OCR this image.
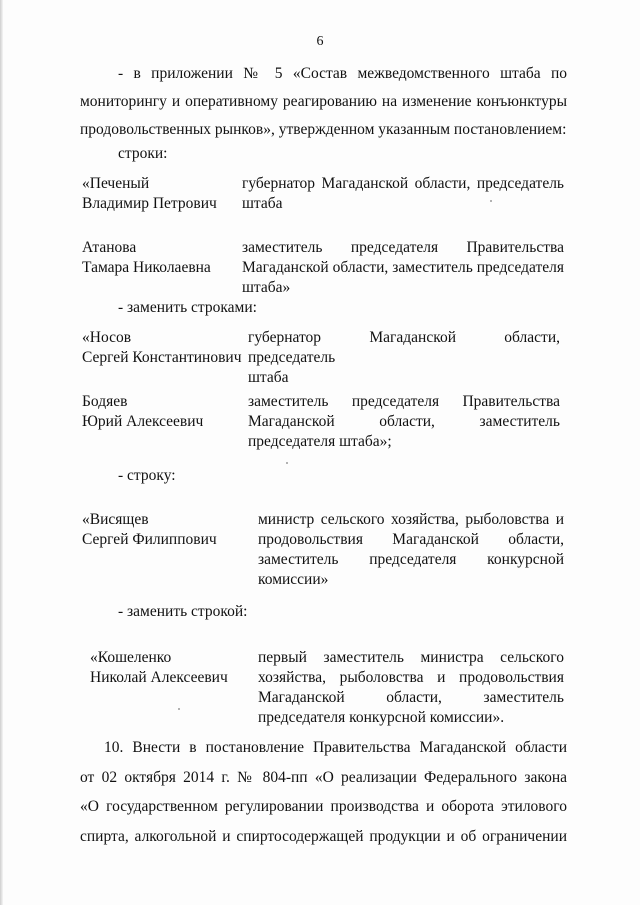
6
- в приложении № 5 «Состав межведомственного штаба по
мониторингу и оперативному реагированию на изменение конъюнктуры
продовольственных рынков», утвержденном указанным постановлением:
строки:
«Печеный
Владимир Петрович
губернатор Магаданской области, председатель
штаба
Атанова
Тамара Николаевна
заместитель председателя Правительства
Магаданской области, заместитель председателя
штаба»
- заменить строками:
«Носов
Сергей Константинович
губернатор Магаданской области, председатель
штаба
Бодяев
Юрий Алексеевич
заместитель председателя Правительства
Магаданской области, заместитель
председателя штаба»;
- строку:
«Висящев
Сергей Филиппович
министр сельского хозяйства, рыболовства и
продовольствия Магаданской области,
заместитель председателя конкурсной
комиссии»
- заменить строкой:
«Кошеленко
Николай Алексеевич
первый заместитель министра сельского
хозяйства, рыболовства и продовольствия
Магаданской области, заместитель
председателя конкурсной комиссии».
10. Внести в постановление Правительства Магаданской области
от 02 октября 2014 г. № 804-пп «О реализации Федерального закона
«О государственном регулировании производства и оборота этилового
спирта, алкогольной и спиртосодержащей продукции и об ограничении
